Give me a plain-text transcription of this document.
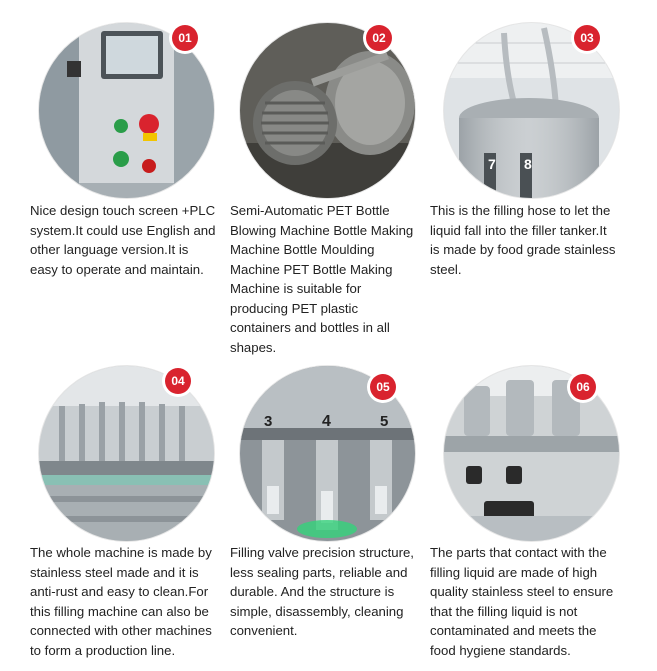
01

Nice design touch screen +PLC
system.It could use English and
other language version.It is
easy to operate and maintain.

02

Semi-Automatic PET Bottle
Blowing Machine Bottle Making
Machine Bottle Moulding
Machine PET Bottle Making
Machine is suitable for
producing PET plastic
containers and bottles in all
shapes.

7 8
03

This is the filling hose to let the
liquid fall into the filler tanker.It
is made by food grade stainless
steel.

04

The whole machine is made by
stainless steel made and it is
anti-rust and easy to clean.For
this filling machine can also be
connected with other machines
to form a production line.

3	4	5
05

Filling valve precision structure,
less sealing parts, reliable and
durable. And the structure is
simple, disassembly, cleaning
convenient.

06

The parts that contact with the
filling liquid are made of high
quality stainless steel to ensure
that the filling liquid is not
contaminated and meets the
food hygiene standards.
